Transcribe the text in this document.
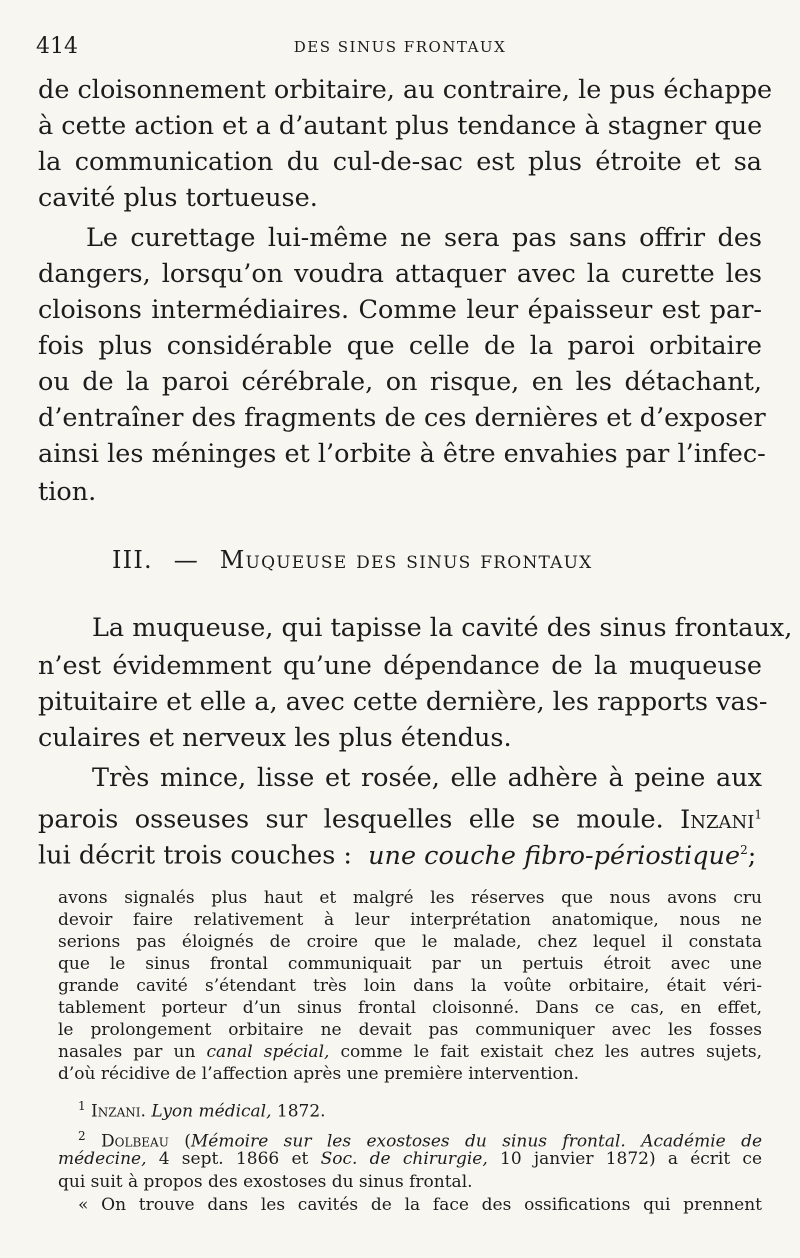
414	DES SINUS FRONTAUX
de cloisonnement orbitaire, au contraire, le pus échappe
à cette action et a d’autant plus tendance à stagner que
la communication du cul-de-sac est plus étroite et sa
cavité plus tortueuse.
Le curettage lui-même ne sera pas sans offrir des
dangers, lorsqu’on voudra attaquer avec la curette les
cloisons intermédiaires. Comme leur épaisseur est par-
fois plus considérable que celle de la paroi orbitaire
ou de la paroi cérébrale, on risque, en les détachant,
d’entraîner des fragments de ces dernières et d’exposer
ainsi les méninges et l’orbite à être envahies par l’infec-
tion.
III. — Muqueuse des sinus frontaux
La muqueuse, qui tapisse la cavité des sinus frontaux,
n’est évidemment qu’une dépendance de la muqueuse
pituitaire et elle a, avec cette dernière, les rapports vas-
culaires et nerveux les plus étendus.
Très mince, lisse et rosée, elle adhère à peine aux
parois osseuses sur lesquelles elle se moule. Inzani$^1$
lui décrit trois couches : une couche fibro-périostique$^2$;
avons signalés plus haut et malgré les réserves que nous avons cru
devoir faire relativement à leur interprétation anatomique, nous ne
serions pas éloignés de croire que le malade, chez lequel il constata
que le sinus frontal communiquait par un pertuis étroit avec une
grande cavité s’étendant très loin dans la voûte orbitaire, était véri-
tablement porteur d’un sinus frontal cloisonné. Dans ce cas, en effet,
le prolongement orbitaire ne devait pas communiquer avec les fosses
nasales par un canal spécial, comme le fait existait chez les autres sujets,
d’où récidive de l’affection après une première intervention.
$^1$ Inzani. Lyon médical, 1872.
$^2$ Dolbeau (Mémoire sur les exostoses du sinus frontal. Académie de
médecine, 4 sept. 1866 et Soc. de chirurgie, 10 janvier 1872) a écrit ce
qui suit à propos des exostoses du sinus frontal.
« On trouve dans les cavités de la face des ossifications qui prennent
